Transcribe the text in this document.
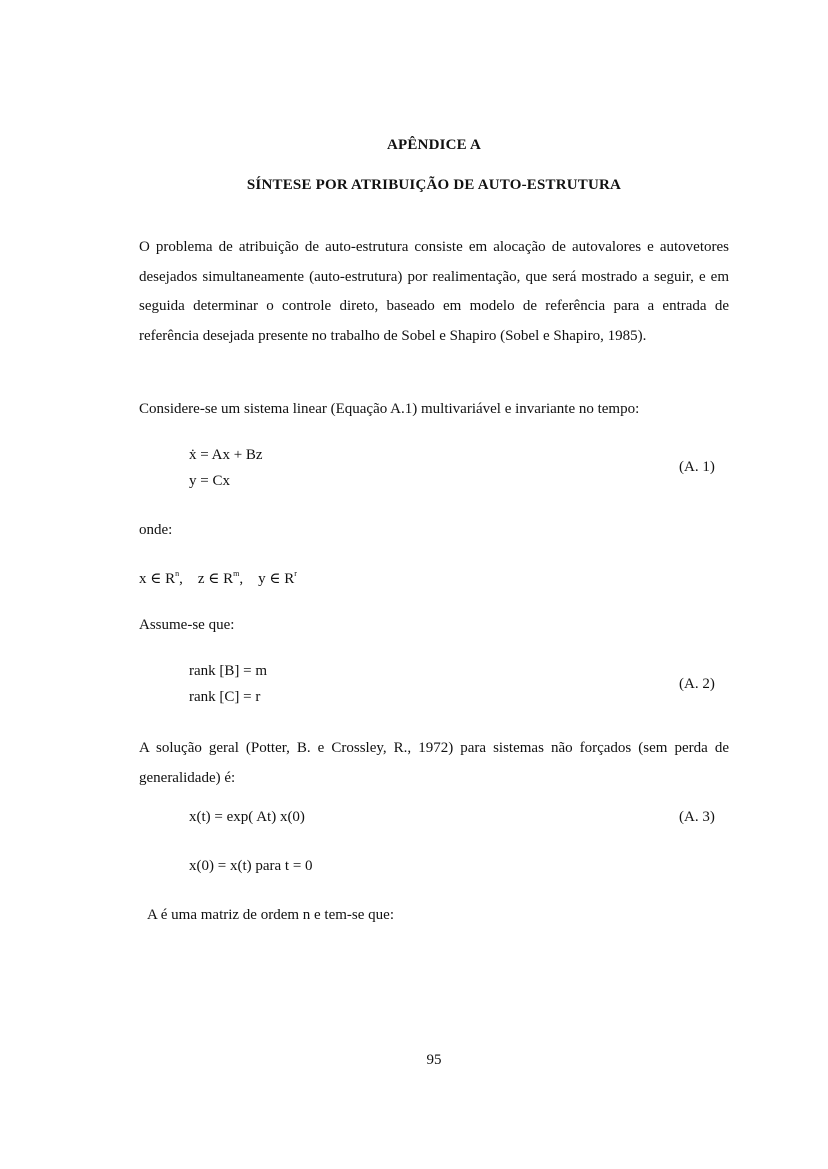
APÊNDICE A
SÍNTESE POR ATRIBUIÇÃO DE AUTO-ESTRUTURA
O problema de atribuição de auto-estrutura consiste em alocação de autovalores e autovetores desejados simultaneamente (auto-estrutura) por realimentação, que será mostrado a seguir, e em seguida determinar o controle direto, baseado em modelo de referência para a entrada de referência desejada presente no trabalho de Sobel e Shapiro (Sobel e Shapiro, 1985).
Considere-se um sistema linear (Equação A.1) multivariável e invariante no tempo:
ẋ = Ax + Bz
y = Cx
(A. 1)
onde:
x ∈ $R^n$,    z ∈ $R^m$,    y ∈ $R^r$
Assume-se que:
rank [B] = m
rank [C] = r
(A. 2)
A solução geral (Potter, B. e Crossley, R., 1972) para sistemas não forçados (sem perda de generalidade) é:
x(t) = exp( At) x(0)	(A. 3)
x(0) = x(t) para t = 0
A é uma matriz de ordem n e tem-se que:
95
